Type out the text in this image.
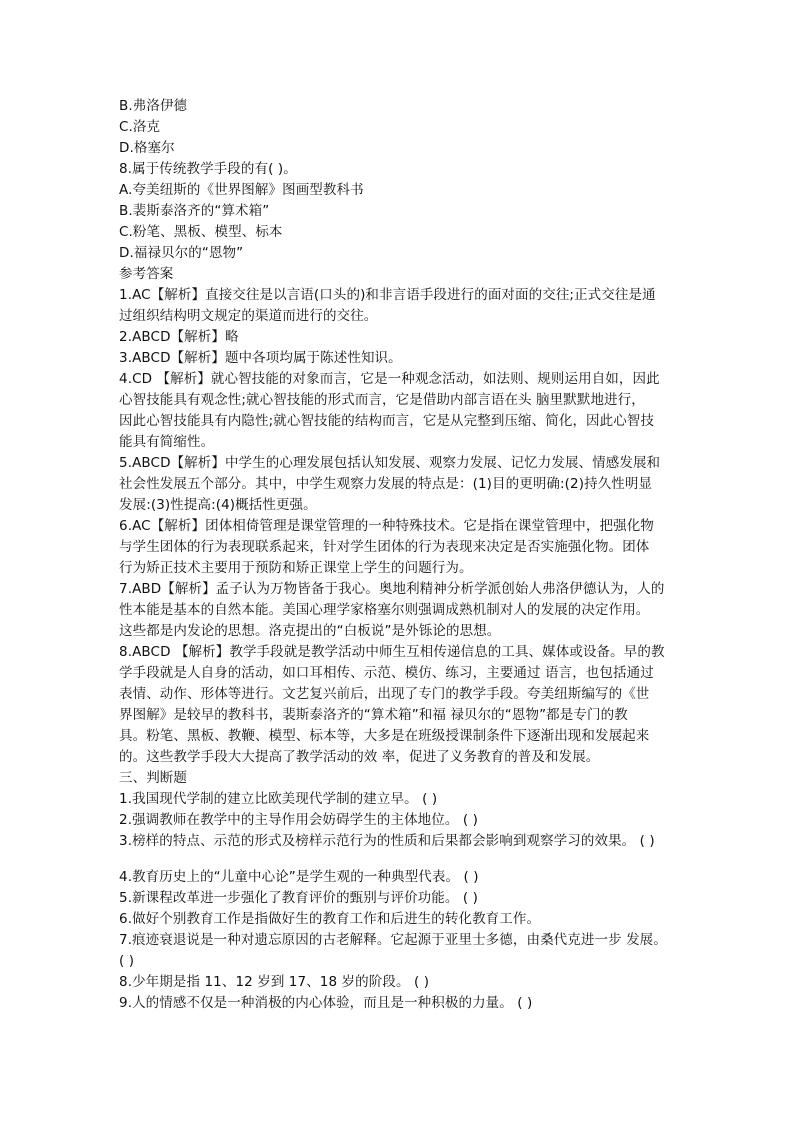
B.弗洛伊德
C.洛克
D.格塞尔
8.属于传统教学手段的有( )。
A.夸美纽斯的《世界图解》图画型教科书
B.裴斯泰洛齐的“算术箱”
C.粉笔、黑板、模型、标本
D.福禄贝尔的“恩物”
参考答案
1.AC【解析】直接交往是以言语(口头的)和非言语手段进行的面对面的交往;正式交往是通
过组织结构明文规定的渠道而进行的交往。
2.ABCD【解析】略
3.ABCD【解析】题中各项均属于陈述性知识。
4.CD 【解析】就心智技能的对象而言，它是一种观念活动，如法则、规则运用自如，因此
心智技能具有观念性;就心智技能的形式而言，它是借助内部言语在头 脑里默默地进行，
因此心智技能具有内隐性;就心智技能的结构而言，它是从完整到压缩、简化，因此心智技
能具有简缩性。
5.ABCD【解析】中学生的心理发展包括认知发展、观察力发展、记忆力发展、情感发展和
社会性发展五个部分。其中，中学生观察力发展的特点是：(1)目的更明确:(2)持久性明显
发展:(3)性提高:(4)概括性更强。
6.AC【解析】团体相倚管理是课堂管理的一种特殊技术。它是指在课堂管理中，把强化物
与学生团体的行为表现联系起来，针对学生团体的行为表现来决定是否实施强化物。团体
行为矫正技术主要用于预防和矫正课堂上学生的问题行为。
7.ABD【解析】孟子认为万物皆备于我心。奥地利精神分析学派创始人弗洛伊德认为，人的
性本能是基本的自然本能。美国心理学家格塞尔则强调成熟机制对人的发展的决定作用。
这些都是内发论的思想。洛克提出的“白板说”是外铄论的思想。
8.ABCD 【解析】教学手段就是教学活动中师生互相传递信息的工具、媒体或设备。早的教
学手段就是人自身的活动，如口耳相传、示范、模仿、练习，主要通过 语言，也包括通过
表情、动作、形体等进行。文艺复兴前后，出现了专门的教学手段。夸美纽斯编写的《世
界图解》是较早的教科书，裴斯泰洛齐的“算术箱”和福 禄贝尔的“恩物”都是专门的教
具。粉笔、黑板、教鞭、模型、标本等，大多是在班级授课制条件下逐渐出现和发展起来
的。这些教学手段大大提高了教学活动的效 率，促进了义务教育的普及和发展。
三、判断题
1.我国现代学制的建立比欧美现代学制的建立早。 ( )
2.强调教师在教学中的主导作用会妨碍学生的主体地位。 ( )
3.榜样的特点、示范的形式及榜样示范行为的性质和后果都会影响到观察学习的效果。 ( )
4.教育历史上的“儿童中心论”是学生观的一种典型代表。 ( )
5.新课程改革进一步强化了教育评价的甄别与评价功能。 ( )
6.做好个别教育工作是指做好生的教育工作和后进生的转化教育工作。
7.痕迹衰退说是一种对遗忘原因的古老解释。它起源于亚里士多德，由桑代克进一步 发展。
( )
8.少年期是指 11、12 岁到 17、18 岁的阶段。 ( )
9.人的情感不仅是一种消极的内心体验，而且是一种积极的力量。 ( )
